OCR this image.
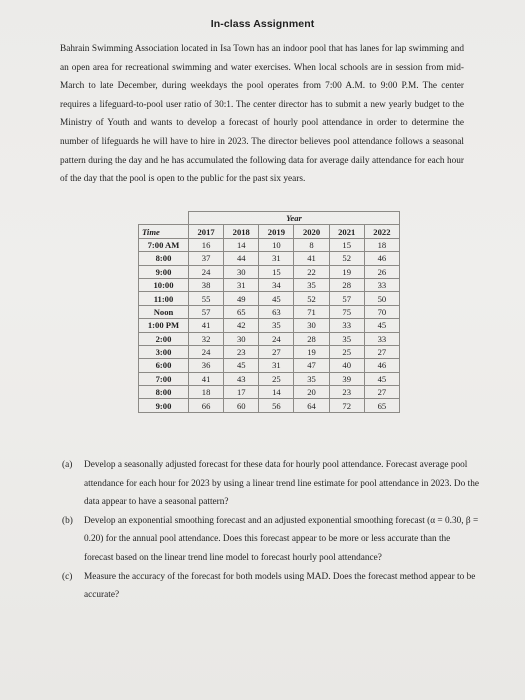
In-class Assignment
Bahrain Swimming Association located in Isa Town has an indoor pool that has lanes for lap swimming and an open area for recreational swimming and water exercises. When local schools are in session from mid-March to late December, during weekdays the pool operates from 7:00 A.M. to 9:00 P.M. The center requires a lifeguard-to-pool user ratio of 30:1. The center director has to submit a new yearly budget to the Ministry of Youth and wants to develop a forecast of hourly pool attendance in order to determine the number of lifeguards he will have to hire in 2023. The director believes pool attendance follows a seasonal pattern during the day and he has accumulated the following data for average daily attendance for each hour of the day that the pool is open to the public for the past six years.
	Year					
Time	2017	2018	2019	2020	2021	2022
7:00 AM	16	14	10	8	15	18
8:00	37	44	31	41	52	46
9:00	24	30	15	22	19	26
10:00	38	31	34	35	28	33
11:00	55	49	45	52	57	50
Noon	57	65	63	71	75	70
1:00 PM	41	42	35	30	33	45
2:00	32	30	24	28	35	33
3:00	24	23	27	19	25	27
6:00	36	45	31	47	40	46
7:00	41	43	25	35	39	45
8:00	18	17	14	20	23	27
9:00	66	60	56	64	72	65
(a)	Develop a seasonally adjusted forecast for these data for hourly pool attendance. Forecast average pool attendance for each hour for 2023 by using a linear trend line estimate for pool attendance in 2023. Do the data appear to have a seasonal pattern?
(b)	Develop an exponential smoothing forecast and an adjusted exponential smoothing forecast (α = 0.30, β = 0.20) for the annual pool attendance. Does this forecast appear to be more or less accurate than the forecast based on the linear trend line model to forecast hourly pool attendance?
(c)	Measure the accuracy of the forecast for both models using MAD. Does the forecast method appear to be accurate?
